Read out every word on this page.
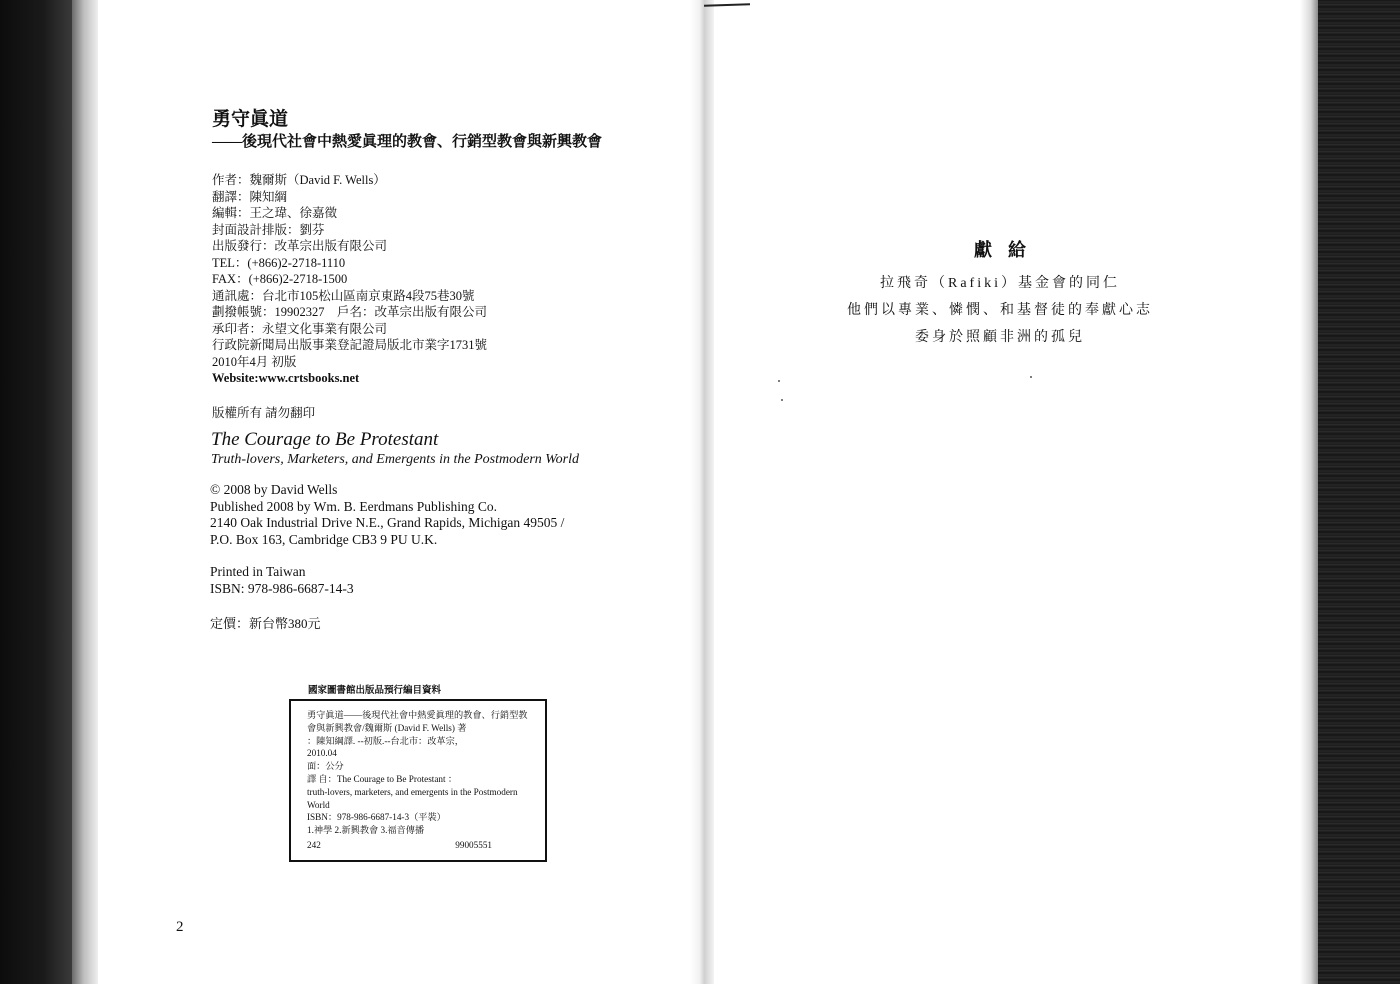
勇守眞道
——後現代社會中熱愛眞理的教會、行銷型教會與新興教會
作者：魏爾斯（David F. Wells）
翻譯：陳知綱
編輯：王之瑋、徐嘉徵
封面設計排版：劉芬
出版發行：改革宗出版有限公司
TEL：(+866)2-2718-1110
FAX：(+866)2-2718-1500
通訊處：台北市105松山區南京東路4段75巷30號
劃撥帳號：19902327　戶名：改革宗出版有限公司
承印者：永望文化事業有限公司
行政院新聞局出版事業登記證局版北市業字1731號
2010年4月 初版
Website:www.crtsbooks.net
版權所有 請勿翻印
The Courage to Be Protestant
Truth-lovers, Marketers, and Emergents in the Postmodern World
© 2008 by David Wells
Published 2008 by Wm. B. Eerdmans Publishing Co.
2140 Oak Industrial Drive N.E., Grand Rapids, Michigan 49505 /
P.O. Box 163, Cambridge CB3 9 PU U.K.
Printed in Taiwan
ISBN: 978-986-6687-14-3
定價：新台幣380元
國家圖書館出版品預行編目資料
勇守眞道——後現代社會中熱愛眞理的教會、行銷型教
會與新興教會/魏爾斯 (David F. Wells) 著
：陳知綱譯. --初版.--台北市：改革宗，
2010.04
面：公分
譯 自：The Courage to Be Protestant ：
truth-lovers, marketers, and emergents in the Postmodern
World
ISBN：978-986-6687-14-3（平裝）
1.神學 2.新興教會 3.福音傳播
242	99005551
2
獻給
拉飛奇（Rafiki）基金會的同仁
他們以專業、憐憫、和基督徒的奉獻心志
委身於照顧非洲的孤兒
